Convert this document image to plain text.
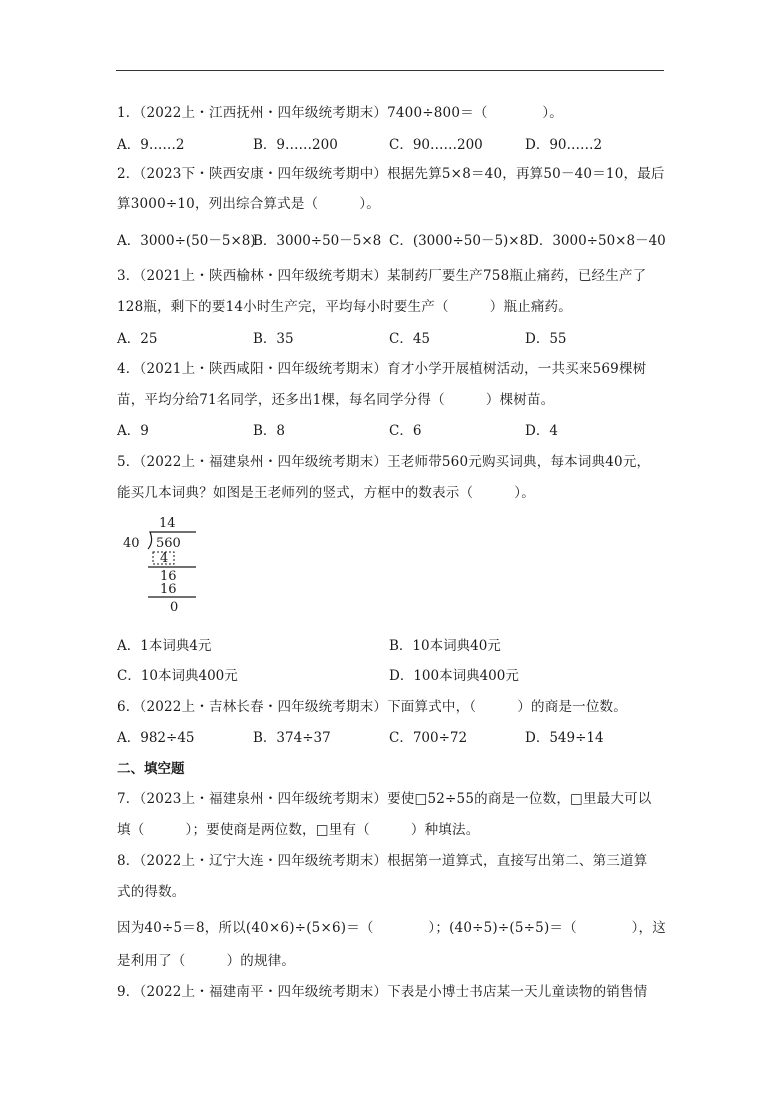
1．（2022上・江西抚州・四年级统考期末）7400÷800＝（　　　　）。
A．9……2	B．9……200	C．90……200	D．90……2
2．（2023下・陕西安康・四年级统考期中）根据先算5×8＝40，再算50－40＝10，最后
算3000÷10，列出综合算式是（　　　）。
A．3000÷(50－5×8)
B．3000÷50－5×8 C．(3000÷50－5)×8 D．3000÷50×8－40
3．（2021上・陕西榆林・四年级统考期末）某制药厂要生产758瓶止痛药，已经生产了
128瓶，剩下的要14小时生产完，平均每小时要生产（　　　）瓶止痛药。
A．25	B．35	C．45	D．55
4．（2021上・陕西咸阳・四年级统考期末）育才小学开展植树活动，一共买来569棵树
苗，平均分给71名同学，还多出1棵，每名同学分得（　　　）棵树苗。
A．9	B．8	C．6	D．4
5．（2022上・福建泉州・四年级统考期末）王老师带560元购买词典，每本词典40元，
能买几本词典？如图是王老师列的竖式，方框中的数表示（　　　）。
14
40 560
4
16
16
0
A．1本词典4元	B．10本词典40元
C．10本词典400元	D．100本词典400元
6．（2022上・吉林长春・四年级统考期末）下面算式中，（　　　）的商是一位数。
A．982÷45	B．374÷37	C．700÷72	D．549÷14
二、填空题
7．（2023上・福建泉州・四年级统考期末）要使□52÷55的商是一位数，□里最大可以
填（　　　）；要使商是两位数，□里有（　　　）种填法。
8．（2022上・辽宁大连・四年级统考期末）根据第一道算式，直接写出第二、第三道算
式的得数。
因为40÷5＝8，所以(40×6)÷(5×6)＝（　　　　）；(40÷5)÷(5÷5)＝（　　　　），这
是利用了（　　　）的规律。
9．（2022上・福建南平・四年级统考期末）下表是小博士书店某一天儿童读物的销售情
